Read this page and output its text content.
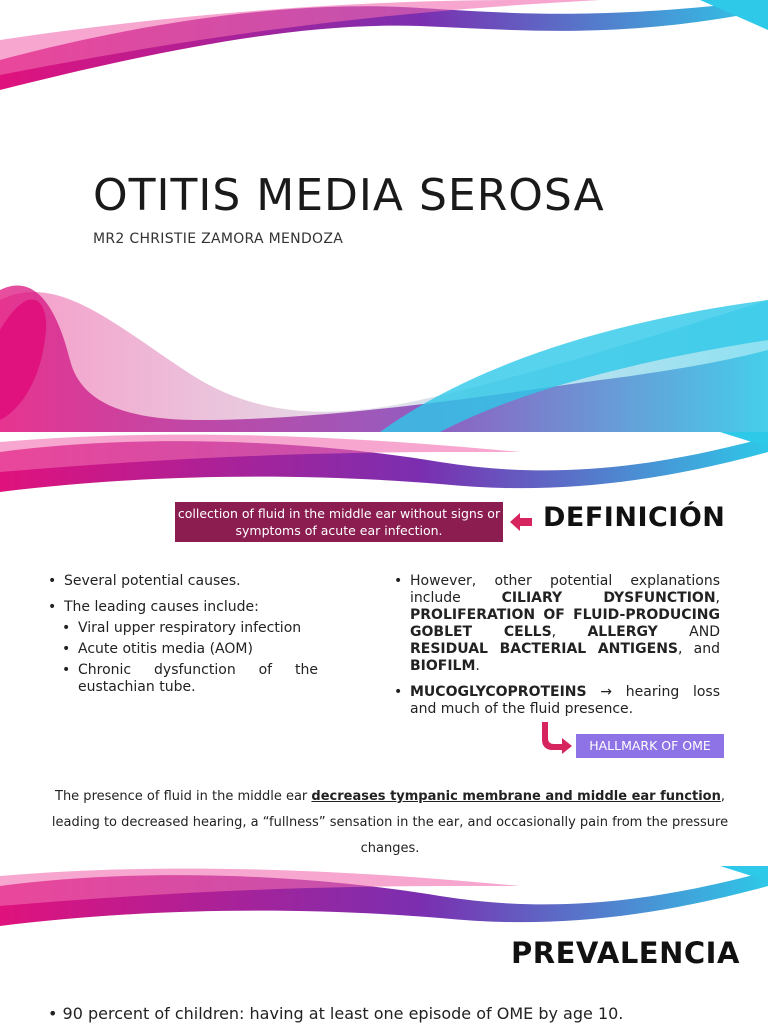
OTITIS MEDIA SEROSA
MR2 CHRISTIE ZAMORA MENDOZA
collection of fluid in the middle ear without signs or symptoms of acute ear infection.	DEFINICIÓN
• Several potential causes.
• The leading causes include:
• Viral upper respiratory infection
• Acute otitis media (AOM)
• Chronic dysfunction of the eustachian tube.
• However, other potential explanations include CILIARY DYSFUNCTION, PROLIFERATION OF FLUID-PRODUCING GOBLET CELLS, ALLERGY AND RESIDUAL BACTERIAL ANTIGENS, and BIOFILM.
• MUCOGLYCOPROTEINS → hearing loss and much of the fluid presence.
HALLMARK OF OME
The presence of fluid in the middle ear decreases tympanic membrane and middle ear function, leading to decreased hearing, a “fullness” sensation in the ear, and occasionally pain from the pressure changes.
PREVALENCIA
• 90 percent of children: having at least one episode of OME by age 10.
